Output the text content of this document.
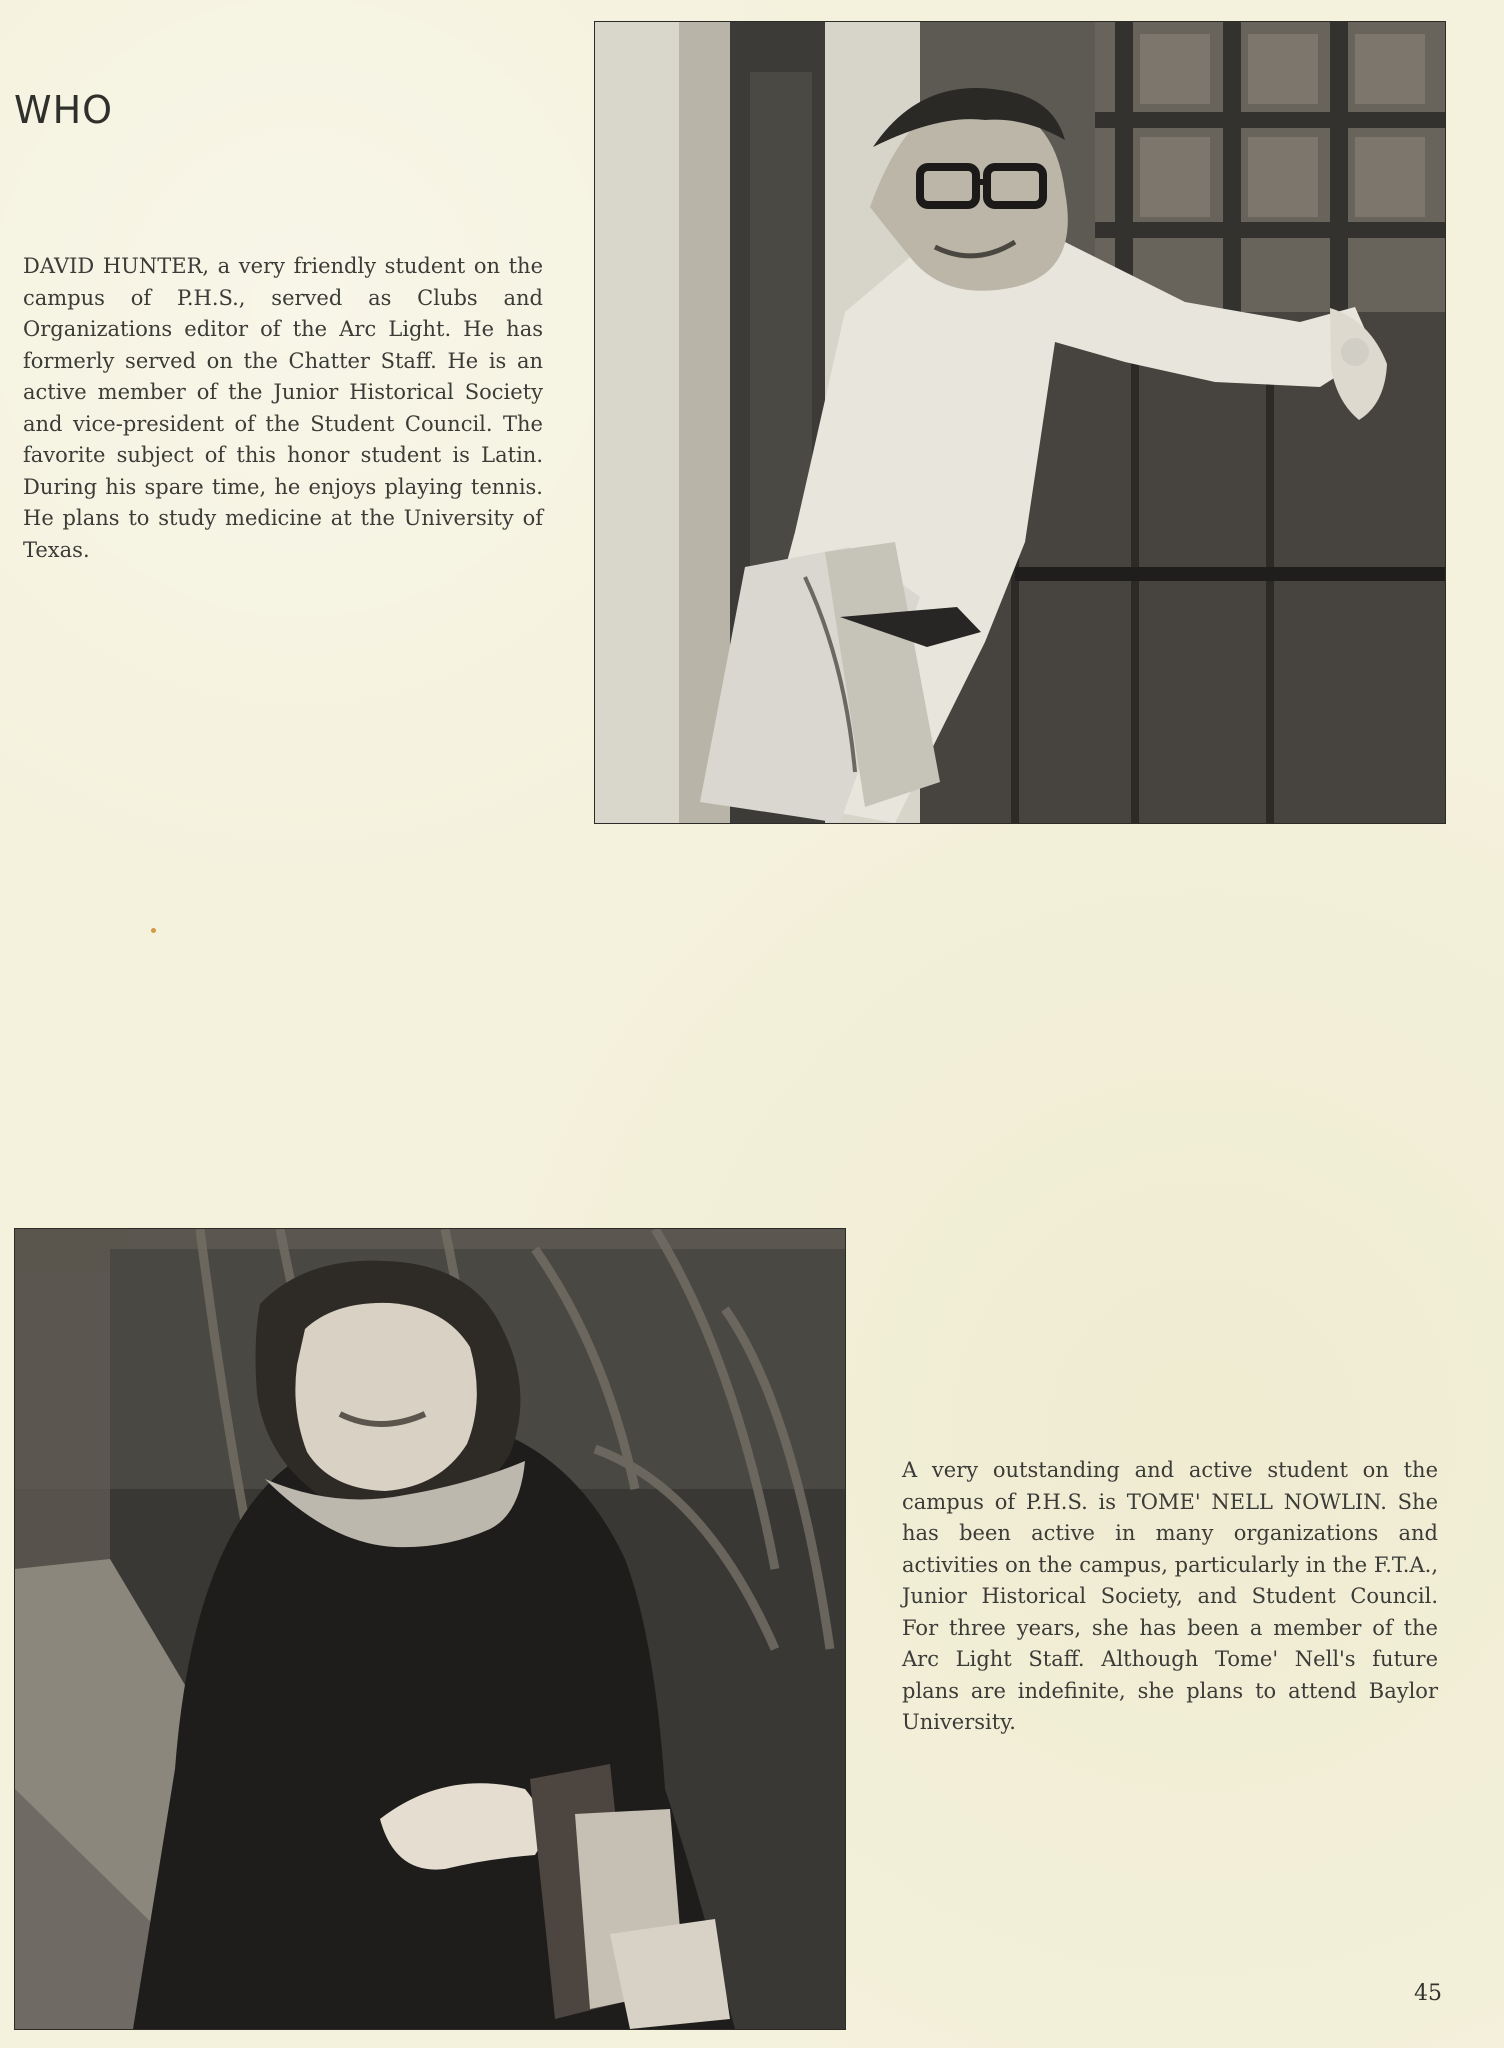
WHO

DAVID HUNTER, a very friendly student on the campus of P.H.S., served as Clubs and Organizations editor of the Arc Light. He has formerly served on the Chatter Staff. He is an active member of the Junior Historical Society and vice-president of the Student Council. The favorite subject of this honor student is Latin. During his spare time, he enjoys playing tennis. He plans to study medicine at the University of Texas.

A very outstanding and active student on the campus of P.H.S. is TOME' NELL NOWLIN. She has been active in many organizations and activities on the campus, particularly in the F.T.A., Junior Historical Society, and Student Council. For three years, she has been a member of the Arc Light Staff. Although Tome' Nell's future plans are indefinite, she plans to attend Baylor University.

45
